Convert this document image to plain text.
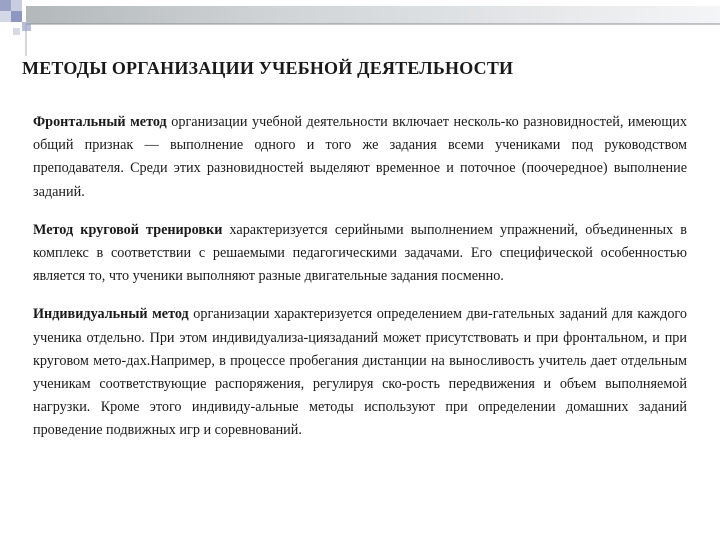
МЕТОДЫ ОРГАНИЗАЦИИ УЧЕБНОЙ ДЕЯТЕЛЬНОСТИ

Фронтальный метод организации учебной деятельности включает несколь-ко разновидностей, имеющих общий признак — выполнение одного и того же задания всеми учениками под руководством преподавателя. Среди этих разновидностей выделяют временное и поточное (поочередное) выполнение заданий.

Метод круговой тренировки характеризуется серийными выполнением упражнений, объединенных в комплекс в соответствии с решаемыми педагогическими задачами. Его специфической особенностью является то, что ученики выполняют разные двигательные задания посменно.

Индивидуальный метод организации характеризуется определением дви-гательных заданий для каждого ученика отдельно. При этом индивидуализа-циязаданий может присутствовать и при фронтальном, и при круговом мето-дах.Например, в процессе пробегания дистанции на выносливость учитель дает отдельным ученикам соответствующие распоряжения, регулируя ско-рость передвижения и объем выполняемой нагрузки. Кроме этого индивиду-альные методы используют при определении домашних заданий проведение подвижных игр и соревнований.
